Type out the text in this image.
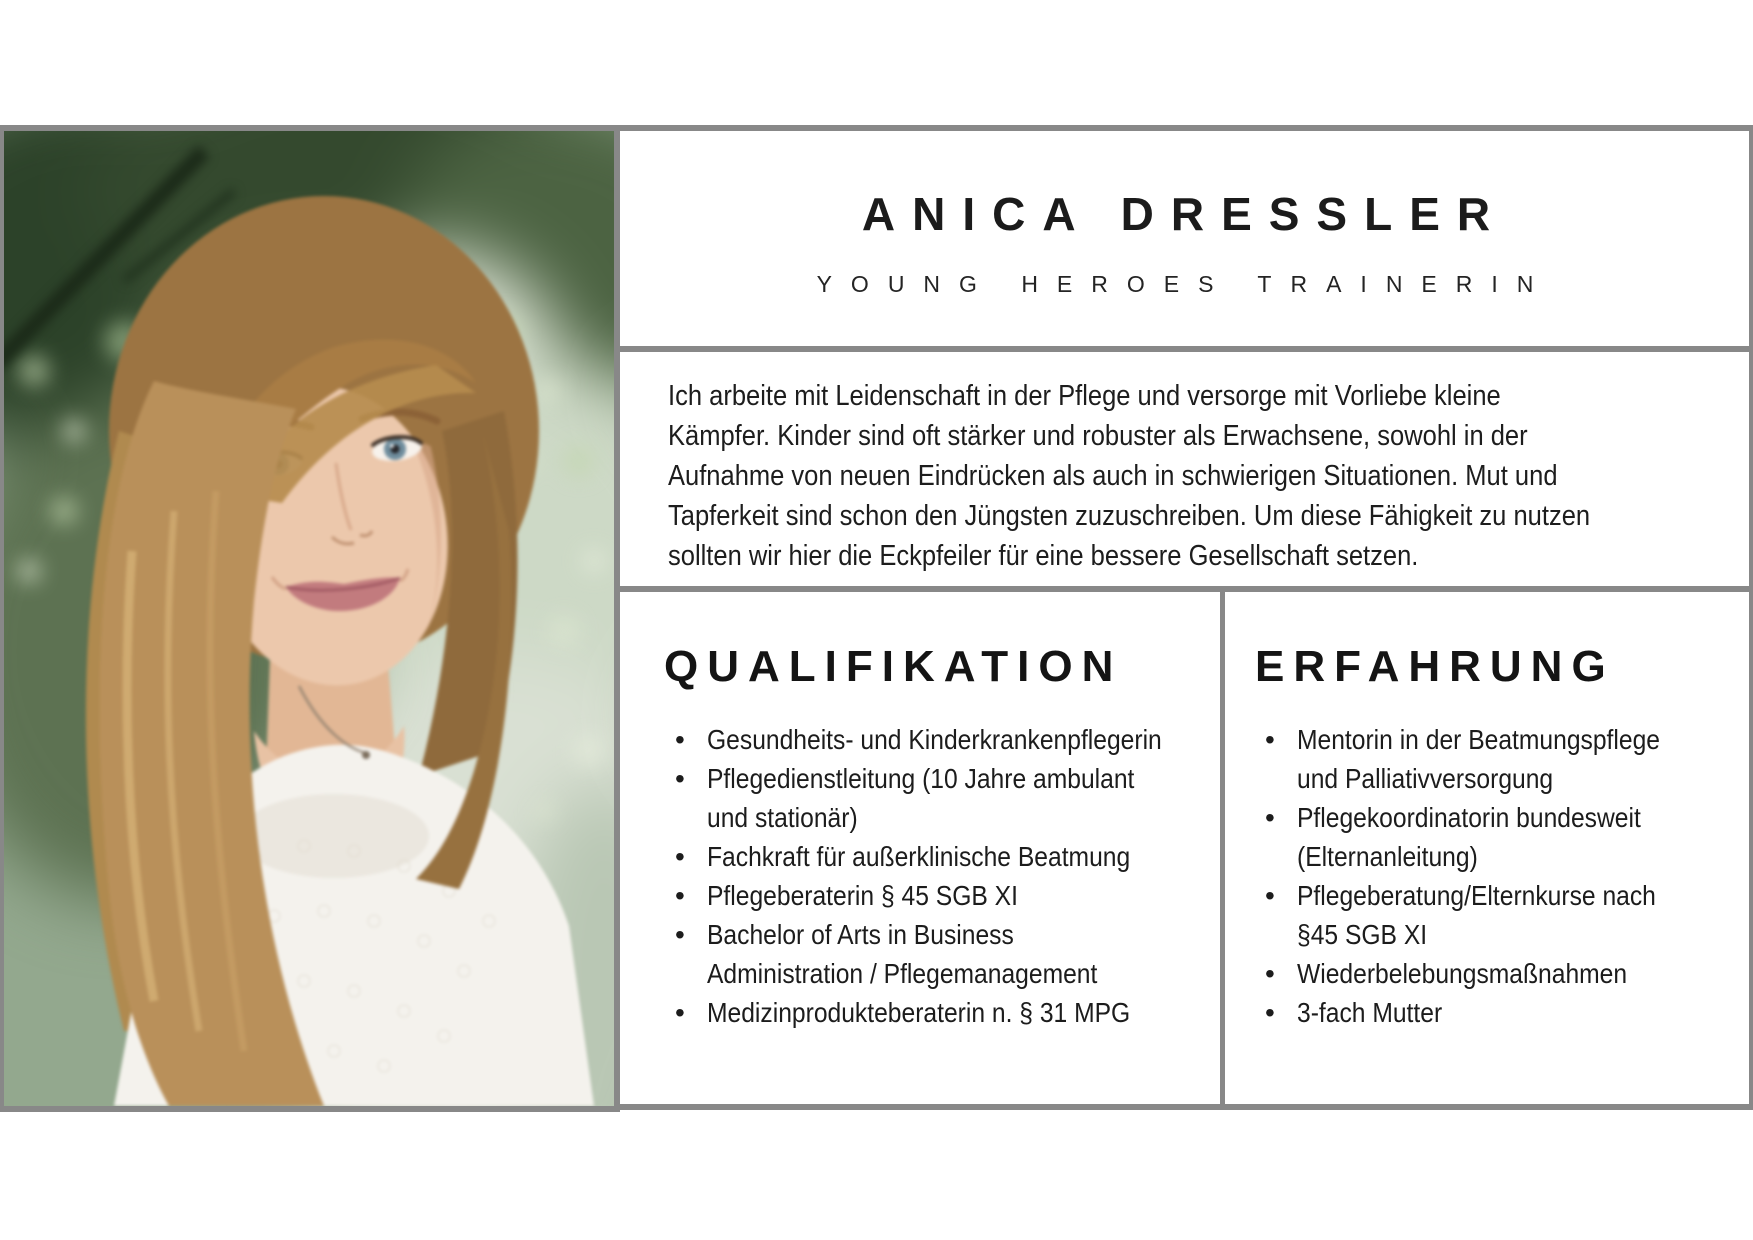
ANICA DRESSLER
YOUNG HEROES TRAINERIN
Ich arbeite mit Leidenschaft in der Pflege und versorge mit Vorliebe kleine
Kämpfer. Kinder sind oft stärker und robuster als Erwachsene, sowohl in der
Aufnahme von neuen Eindrücken als auch in schwierigen Situationen. Mut und
Tapferkeit sind schon den Jüngsten zuzuschreiben. Um diese Fähigkeit zu nutzen
sollten wir hier die Eckpfeiler für eine bessere Gesellschaft setzen.
QUALIFIKATION
• Gesundheits- und Kinderkrankenpflegerin
• Pflegedienstleitung (10 Jahre ambulant
und stationär)
• Fachkraft für außerklinische Beatmung
• Pflegeberaterin § 45 SGB XI
• Bachelor of Arts in Business
Administration / Pflegemanagement
• Medizinprodukteberaterin n. § 31 MPG
ERFAHRUNG
• Mentorin in der Beatmungspflege
und Palliativversorgung
• Pflegekoordinatorin bundesweit
(Elternanleitung)
• Pflegeberatung/Elternkurse nach
§45 SGB XI
• Wiederbelebungsmaßnahmen
• 3-fach Mutter
